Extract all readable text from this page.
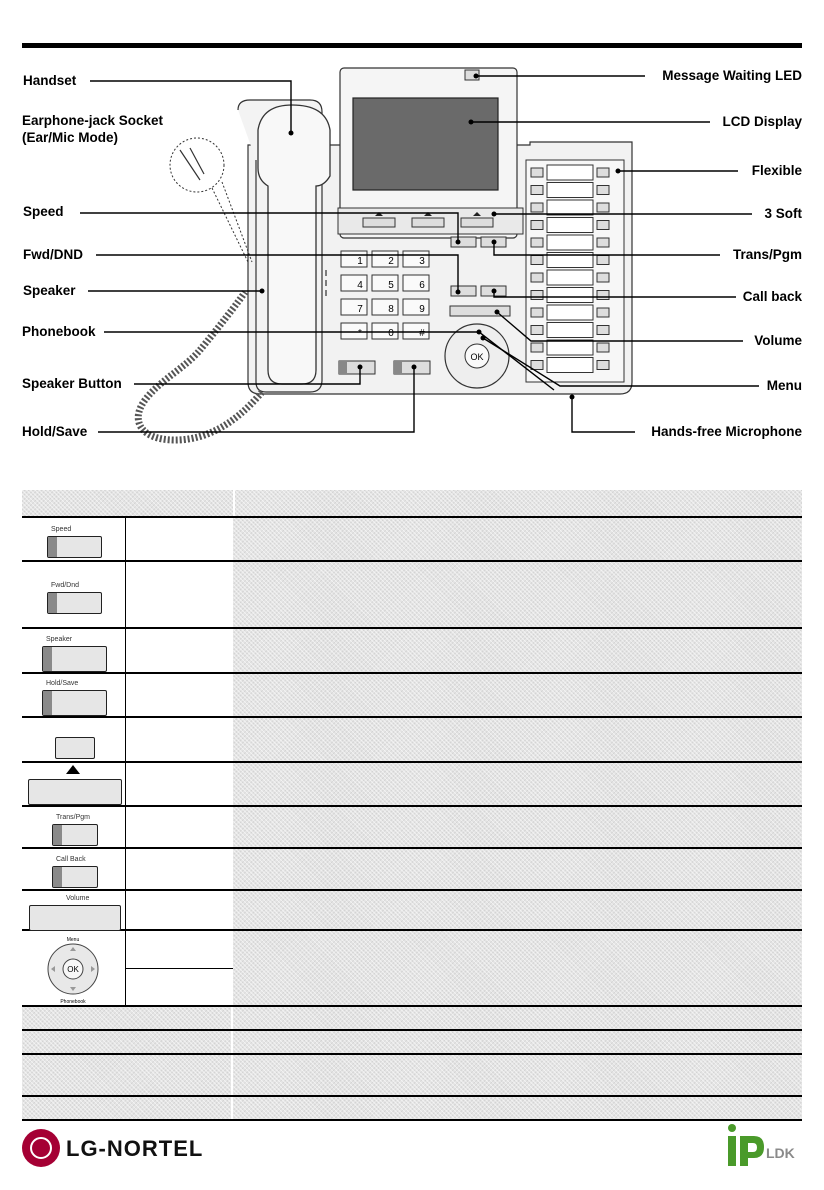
1	2	3
4	5	6
7	8	9
*	0	#
OK
Handset
Earphone-jack Socket
(Ear/Mic Mode)
Speed
Fwd/DND
Speaker
Phonebook
Speaker Button
Hold/Save
Message Waiting LED
LCD Display
Flexible
3 Soft
Trans/Pgm
Call back
Volume
Menu
Hands-free Microphone
Speed
Fwd/Dnd
Speaker
Hold/Save
Trans/Pgm
Call Back
Volume
OK
Menu
Phonebook
LG-NORTEL	LDK
